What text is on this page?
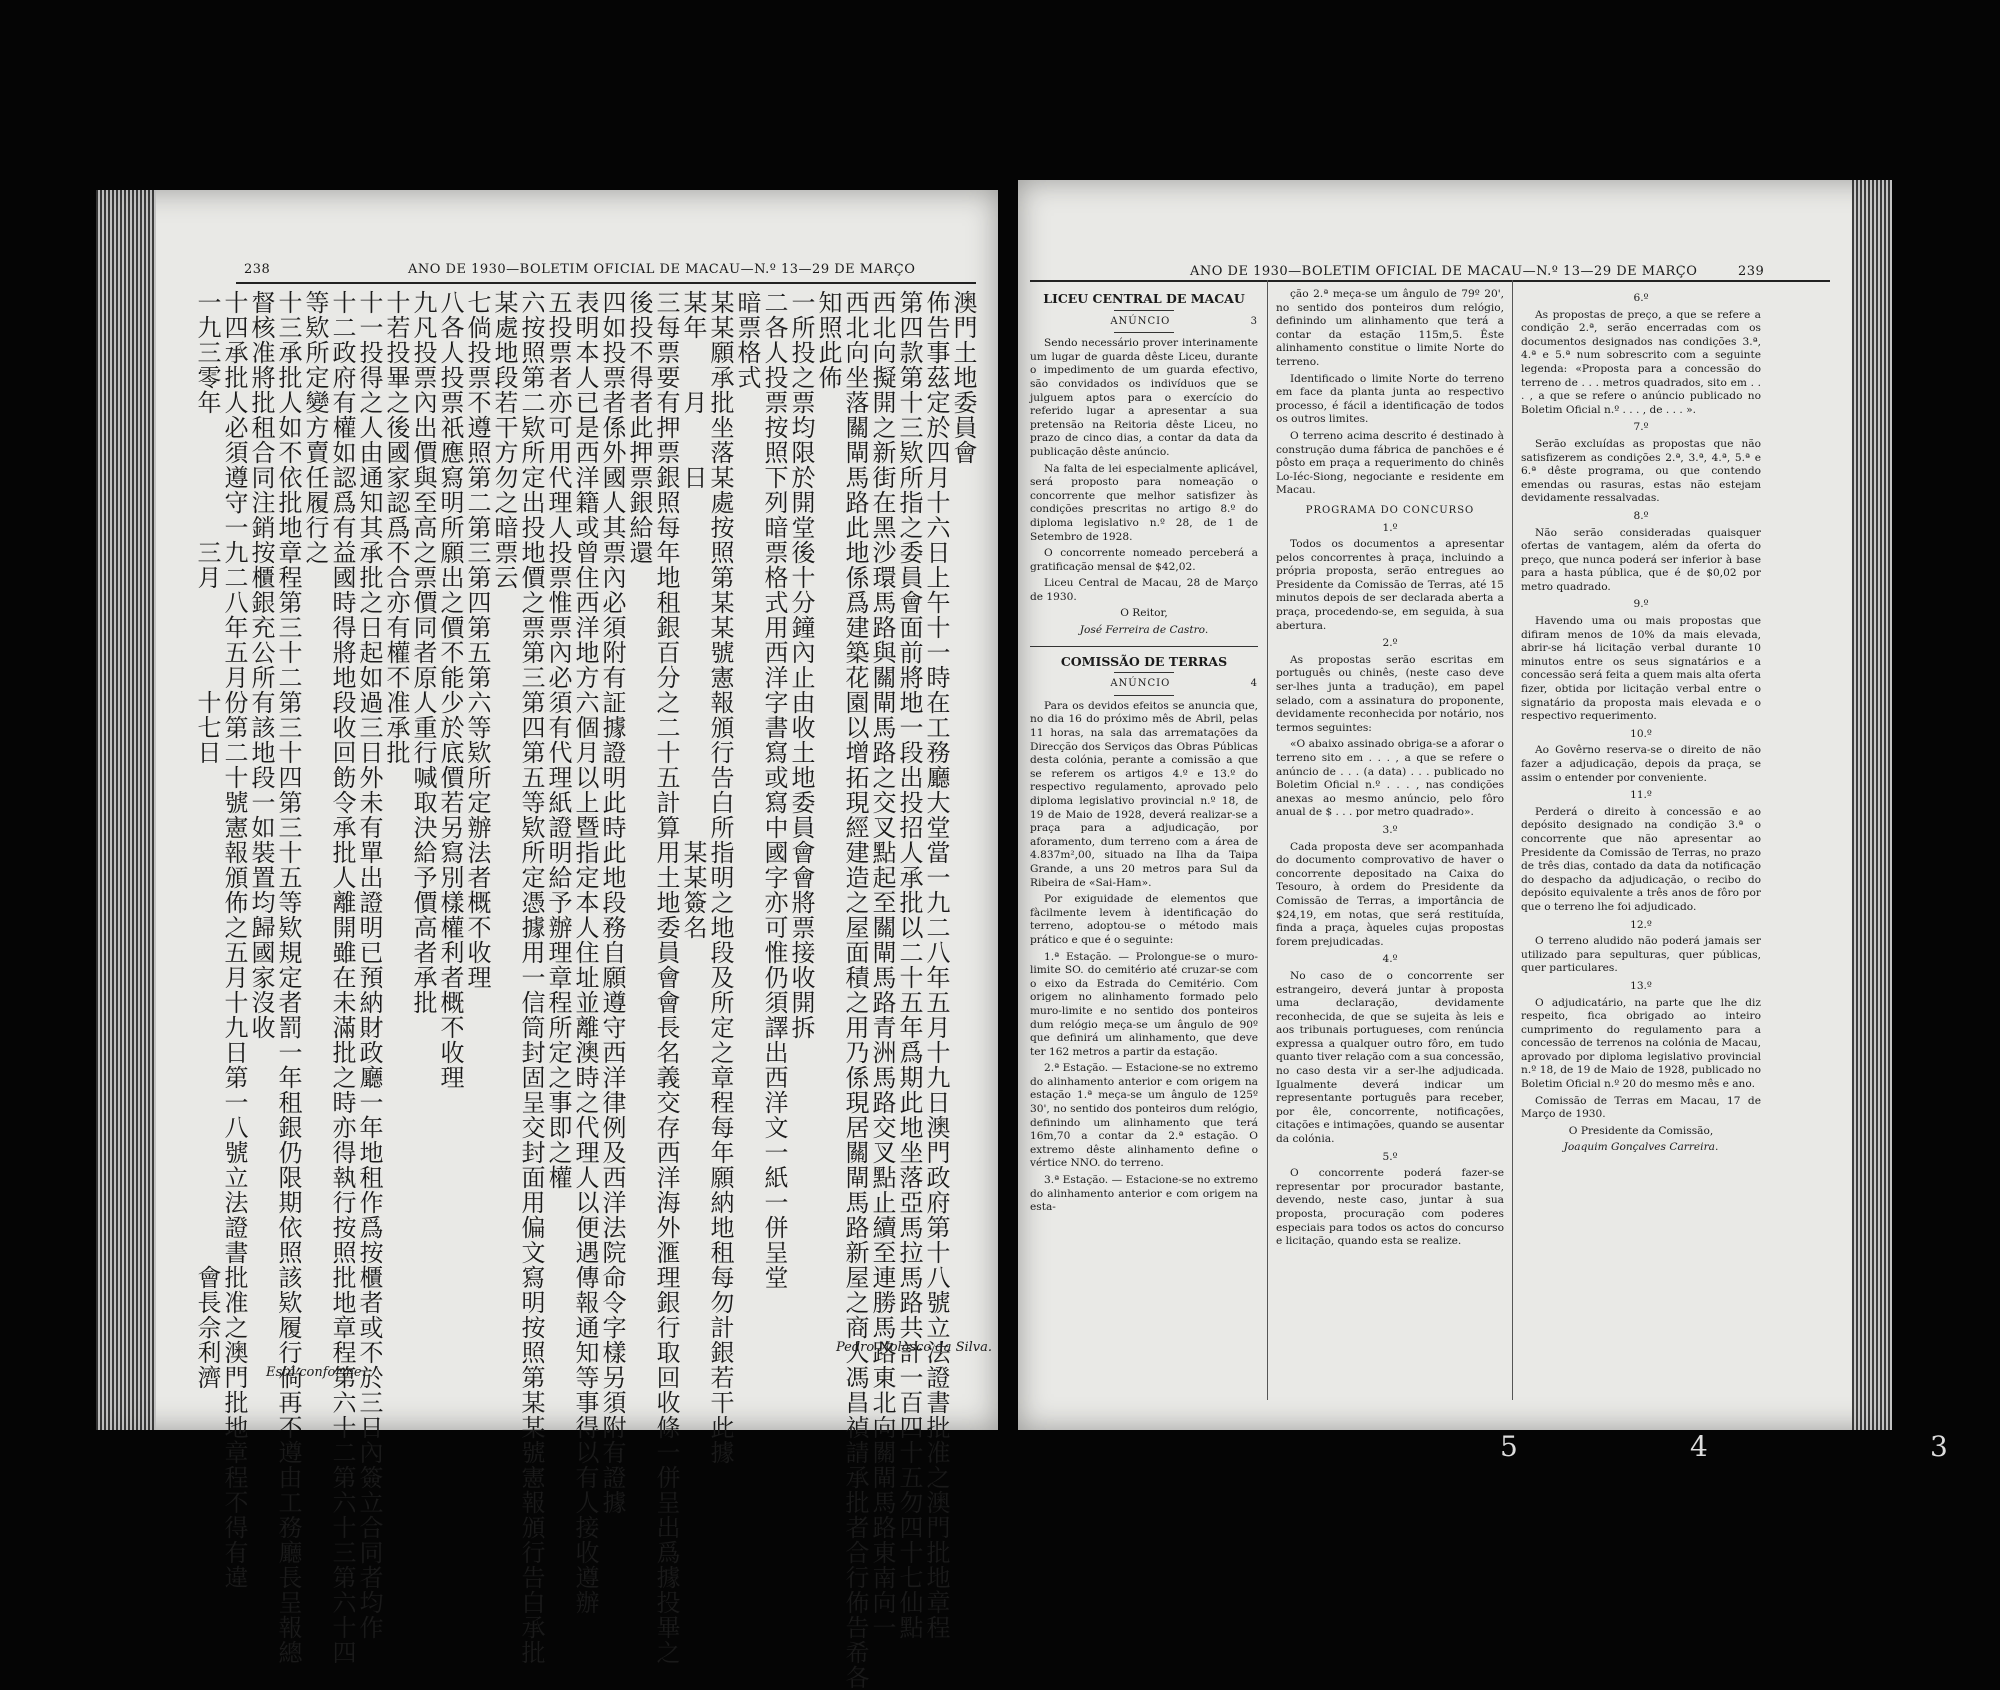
238	ANO DE 1930—BOLETIM OFICIAL DE MACAU—N.º 13—29 DE MARÇO
澳門土地委員會
佈告事茲定於四月十六日上午十一時在工務廳大堂當一九二八年五月十九日澳門政府第十八號立法證書批准之澳門批地章程
第四款第十三欵所指之委員會面前將地一段出投招人承批以二十五年爲期此地坐落亞馬拉馬路共計一百四十五勿四十七仙點
西北向擬開之新街在黑沙環馬路與關閘馬路之交叉點起至關閘馬路青洲馬路交叉點止續至連勝馬路東北向關閘馬路東南向一
西北向坐落關閘馬路此地係爲建築花園以增拓現經建造之屋面積之用乃係現居關閘馬路新屋之商人馮昌禎請承批者合行佈告希各
知照此佈
一所投之票均限於開堂後十分鐘內止由收土地委員會會將票接收開拆
二各人投票按照下列暗票格式用西洋字書寫或寫中國字亦可惟仍須譯出西洋文一紙一併呈堂
暗票格式
某某願承批坐落某處按照第某某號憲報頒行告白所指明之地段及所定之章程每年願納地租每勿計銀若干此據
某年　　月　　日　　　　　　　　　　　　　　某某簽名
三每票要有押票銀照每年地租銀百分之二十五計算用土地委員會會長名義交存西洋海外滙理銀行取回收條一併呈出爲據投畢之
後投不得者此押票銀給還
四如投票者係外國人其票內必須附有証據證明此時此地段務自願遵守西洋律例及西洋法院命令字樣另須附有證據
表明本人已是西洋籍或曾住西洋地方六個月以上暨指定本人住址並離澳時之代理人以便遇傳報通知等事得以有人接收遵辦
五投票者亦可用代理人投票惟票內必須有代理紙證明給予辦理章程所定之事即之權
六按照第二欵所定出投地價之票第三第四第五等欵所定憑據用一信筒封固呈交封面用偏文寫明按照第某某號憲報頒行告白承批
某處地段若干方勿之暗票云
七倘投票不遵照第二第三第四第五第六等欵所定辦法者概不收理
八各人投票祇應寫明所願出之價不能少於底價若另寫別樣權利者概不收理
九凡投票內出價與至高之票價同者原人重行喊取決給予價高者承批
十若投畢之後國家認爲不合亦有權不准承批
十一投得之人由通知其承批之日起如過三日外未有單出證明已預納財政廳一年地租作爲按櫃者或不於三日內簽立合同者均作
十二政府有權如認爲有益國時得將地段收回飭令承批人離開雖在未滿批之時亦得執行按照批地章程第六十二第六十三第六十四
等欵所定變方賣任履行之
十三承批人如不依批地章程第三十二第三十四第三十五等欵規定者罰一年租銀仍限期依照該欵履行倘再不遵由工務廳長呈報總
督核准將批租合同注銷按櫃銀充公所有該地段一如裝置均歸國家沒收
十四承批人必須遵守一九二八年五月份第二十號憲報頒佈之五月十九日第一八號立法證書批准之澳門批地章程不得有違
一九三零年　　　　　三月　　　　十七日　　　　　　　　　　　　　　　　　　　　會長佘利濟	Pedro Nolasco da Silva.
Está conforme.
ANO DE 1930—BOLETIM OFICIAL DE MACAU—N.º 13—29 DE MARÇO	239

LICEU CENTRAL DE MACAU

ANÚNCIO	3

Sendo necessário prover interinamente um lugar de guarda dêste Liceu, durante o impedimento de um guarda efectivo, são convidados os indivíduos que se julguem aptos para o exercício do referido lugar a apresentar a sua pretensão na Reitoria dêste Liceu, no prazo de cinco dias, a contar da data da publicação dêste anúncio.

Na falta de lei especialmente aplicável, será proposto para nomeação o concorrente que melhor satisfizer às condições prescritas no artigo 8.º do diploma legislativo n.º 28, de 1 de Setembro de 1928.

O concorrente nomeado perceberá a gratificação mensal de $42,02.

Liceu Central de Macau, 28 de Março de 1930.

O Reitor,

José Ferreira de Castro.

COMISSÃO DE TERRAS

ANÚNCIO	4

Para os devidos efeitos se anuncia que, no dia 16 do próximo mês de Abril, pelas 11 horas, na sala das arrematações da Direcção dos Serviços das Obras Públicas desta colónia, perante a comissão a que se referem os artigos 4.º e 13.º do respectivo regulamento, aprovado pelo diploma legislativo provincial n.º 18, de 19 de Maio de 1928, deverá realizar-se a praça para a adjudicação, por aforamento, dum terreno com a área de 4.837m²,00, situado na Ilha da Taipa Grande, a uns 20 metros para Sul da Ribeira de «Sai-Ham».

Por exiguidade de elementos que fàcilmente levem à identificação do terreno, adoptou-se o método mais prático e que é o seguinte:

1.ª Estação. — Prolongue-se o muro-limite SO. do cemitério até cruzar-se com o eixo da Estrada do Cemitério. Com origem no alinhamento formado pelo muro-limite e no sentido dos ponteiros dum relógio meça-se um ângulo de 90º que definirá um alinhamento, que deve ter 162 metros a partir da estação.

2.ª Estação. — Estacione-se no extremo do alinhamento anterior e com origem na estação 1.ª meça-se um ângulo de 125º 30', no sentido dos ponteiros dum relógio, definindo um alinhamento que terá 16m,70 a contar da 2.ª estação. O extremo dêste alinhamento define o vértice NNO. do terreno.

3.ª Estação. — Estacione-se no extremo do alinhamento anterior e com origem na esta-

ção 2.ª meça-se um ângulo de 79º 20', no sentido dos ponteiros dum relógio, definindo um alinhamento que terá a contar da estação 115m,5. Êste alinhamento constitue o limite Norte do terreno.

Identificado o limite Norte do terreno em face da planta junta ao respectivo processo, é fácil a identificação de todos os outros limites.

O terreno acima descrito é destinado à construção duma fábrica de panchões e é pôsto em praça a requerimento do chinês Lo-Iéc-Siong, negociante e residente em Macau.

PROGRAMA DO CONCURSO

1.º

Todos os documentos a apresentar pelos concorrentes à praça, incluindo a própria proposta, serão entregues ao Presidente da Comissão de Terras, até 15 minutos depois de ser declarada aberta a praça, procedendo-se, em seguida, à sua abertura.

2.º

As propostas serão escritas em português ou chinês, (neste caso deve ser-lhes junta a tradução), em papel selado, com a assinatura do proponente, devidamente reconhecida por notário, nos termos seguintes:

«O abaixo assinado obriga-se a aforar o terreno sito em . . . , a que se refere o anúncio de . . . (a data) . . . publicado no Boletim Oficial n.º . . . , nas condições anexas ao mesmo anúncio, pelo fôro anual de $ . . . por metro quadrado».

3.º

Cada proposta deve ser acompanhada do documento comprovativo de haver o concorrente depositado na Caixa do Tesouro, à ordem do Presidente da Comissão de Terras, a importância de $24,19, em notas, que será restituída, finda a praça, àqueles cujas propostas forem prejudicadas.

4.º

No caso de o concorrente ser estrangeiro, deverá juntar à proposta uma declaração, devidamente reconhecida, de que se sujeita às leis e aos tribunais portugueses, com renúncia expressa a qualquer outro fôro, em tudo quanto tiver relação com a sua concessão, no caso desta vir a ser-lhe adjudicada. Igualmente deverá indicar um representante português para receber, por êle, concorrente, notificações, citações e intimações, quando se ausentar da colónia.

5.º

O concorrente poderá fazer-se representar por procurador bastante, devendo, neste caso, juntar à sua proposta, procuração com poderes especiais para todos os actos do concurso e licitação, quando esta se realize.

6.º

As propostas de preço, a que se refere a condição 2.ª, serão encerradas com os documentos designados nas condições 3.ª, 4.ª e 5.ª num sobrescrito com a seguinte legenda: «Proposta para a concessão do terreno de . . . metros quadrados, sito em . . . , a que se refere o anúncio publicado no Boletim Oficial n.º . . . , de . . . ».

7.º

Serão excluídas as propostas que não satisfizerem as condições 2.ª, 3.ª, 4.ª, 5.ª e 6.ª dêste programa, ou que contendo emendas ou rasuras, estas não estejam devidamente ressalvadas.

8.º

Não serão consideradas quaisquer ofertas de vantagem, além da oferta do preço, que nunca poderá ser inferior à base para a hasta pública, que é de $0,02 por metro quadrado.

9.º

Havendo uma ou mais propostas que difiram menos de 10% da mais elevada, abrir-se há licitação verbal durante 10 minutos entre os seus signatários e a concessão será feita a quem mais alta oferta fizer, obtida por licitação verbal entre o signatário da proposta mais elevada e o respectivo requerimento.

10.º

Ao Govêrno reserva-se o direito de não fazer a adjudicação, depois da praça, se assim o entender por conveniente.

11.º

Perderá o direito à concessão e ao depósito designado na condição 3.ª o concorrente que não apresentar ao Presidente da Comissão de Terras, no prazo de três dias, contado da data da notificação do despacho da adjudicação, o recibo do depósito equivalente a três anos de fôro por que o terreno lhe foi adjudicado.

12.º

O terreno aludido não poderá jamais ser utilizado para sepulturas, quer públicas, quer particulares.

13.º

O adjudicatário, na parte que lhe diz respeito, fica obrigado ao inteiro cumprimento do regulamento para a concessão de terrenos na colónia de Macau, aprovado por diploma legislativo provincial n.º 18, de 19 de Maio de 1928, publicado no Boletim Oficial n.º 20 do mesmo mês e ano.

Comissão de Terras em Macau, 17 de Março de 1930.

O Presidente da Comissão,

Joaquim Gonçalves Carreira.

5	4	3
